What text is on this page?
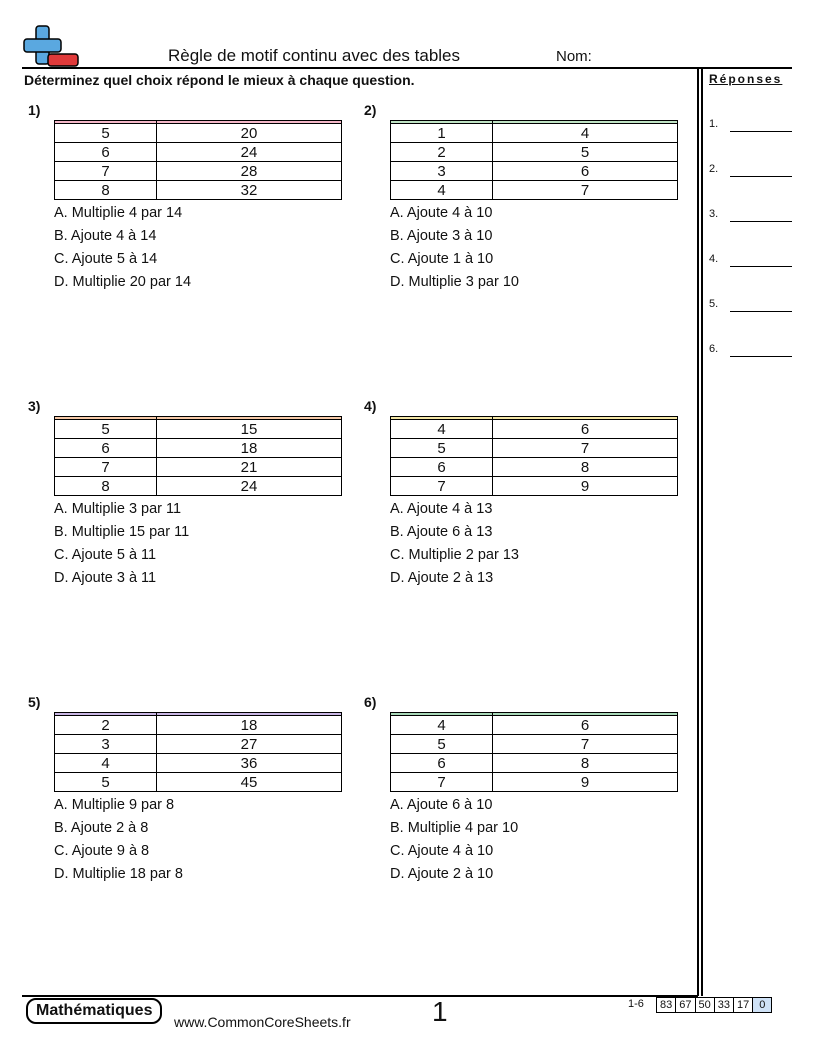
Règle de motif continu avec des tables	Nom:
Déterminez quel choix répond le mieux à chaque question.	Réponses
1.
2.
3.
4.
5.
6.
1)

5	20
6	24
7	28
8	32
A. Multiplie 4 par 14
B. Ajoute 4 à 14
C. Ajoute 5 à 14
D. Multiplie 20 par 14
2)

1	4
2	5
3	6
4	7
A. Ajoute 4 à 10
B. Ajoute 3 à 10
C. Ajoute 1 à 10
D. Multiplie 3 par 10
3)

5	15
6	18
7	21
8	24
A. Multiplie 3 par 11
B. Multiplie 15 par 11
C. Ajoute 5 à 11
D. Ajoute 3 à 11
4)

4	6
5	7
6	8
7	9
A. Ajoute 4 à 13
B. Ajoute 6 à 13
C. Multiplie 2 par 13
D. Ajoute 2 à 13
5)

2	18
3	27
4	36
5	45
A. Multiplie 9 par 8
B. Ajoute 2 à 8
C. Ajoute 9 à 8
D. Multiplie 18 par 8
6)

4	6
5	7
6	8
7	9
A. Ajoute 6 à 10
B. Multiplie 4 par 10
C. Ajoute 4 à 10
D. Ajoute 2 à 10
Mathématiques
www.CommonCoreSheets.fr	1	1-6 83	67	50	33	17	0
